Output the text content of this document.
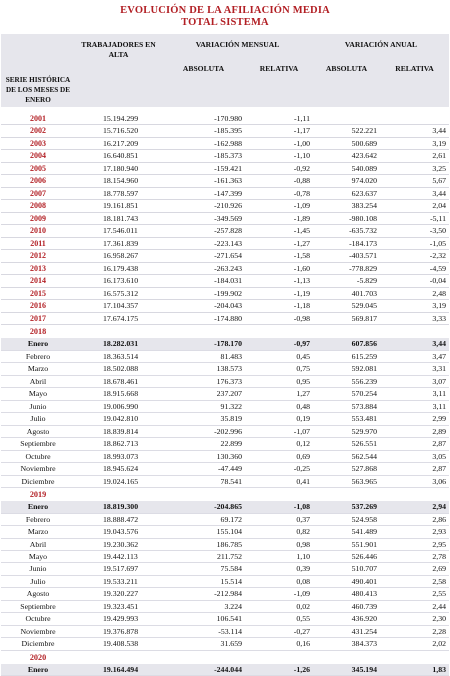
EVOLUCIÓN DE LA AFILIACIÓN MEDIA
TOTAL SISTEMA
	TRABAJADORES EN ALTA	VARIACIÓN MENSUAL		VARIACIÓN ANUAL	
		ABSOLUTA	RELATIVA	ABSOLUTA	RELATIVA
SERIE HISTÓRICA DE LOS MESES DE ENERO					

2001	15.194.299	-170.980	-1,11		
2002	15.716.520	-185.395	-1,17	522.221	3,44
2003	16.217.209	-162.988	-1,00	500.689	3,19
2004	16.640.851	-185.373	-1,10	423.642	2,61
2005	17.180.940	-159.421	-0,92	540.089	3,25
2006	18.154.960	-161.363	-0,88	974.020	5,67
2007	18.778.597	-147.399	-0,78	623.637	3,44
2008	19.161.851	-210.926	-1,09	383.254	2,04
2009	18.181.743	-349.569	-1,89	-980.108	-5,11
2010	17.546.011	-257.828	-1,45	-635.732	-3,50
2011	17.361.839	-223.143	-1,27	-184.173	-1,05
2012	16.958.267	-271.654	-1,58	-403.571	-2,32
2013	16.179.438	-263.243	-1,60	-778.829	-4,59
2014	16.173.610	-184.031	-1,13	-5.829	-0,04
2015	16.575.312	-199.902	-1,19	401.703	2,48
2016	17.104.357	-204.043	-1,18	529.045	3,19
2017	17.674.175	-174.880	-0,98	569.817	3,33
2018					
Enero	18.282.031	-178.170	-0,97	607.856	3,44
Febrero	18.363.514	81.483	0,45	615.259	3,47
Marzo	18.502.088	138.573	0,75	592.081	3,31
Abril	18.678.461	176.373	0,95	556.239	3,07
Mayo	18.915.668	237.207	1,27	570.254	3,11
Junio	19.006.990	91.322	0,48	573.884	3,11
Julio	19.042.810	35.819	0,19	553.481	2,99
Agosto	18.839.814	-202.996	-1,07	529.970	2,89
Septiembre	18.862.713	22.899	0,12	526.551	2,87
Octubre	18.993.073	130.360	0,69	562.544	3,05
Noviembre	18.945.624	-47.449	-0,25	527.868	2,87
Diciembre	19.024.165	78.541	0,41	563.965	3,06
2019					
Enero	18.819.300	-204.865	-1,08	537.269	2,94
Febrero	18.888.472	69.172	0,37	524.958	2,86
Marzo	19.043.576	155.104	0,82	541.489	2,93
Abril	19.230.362	186.785	0,98	551.901	2,95
Mayo	19.442.113	211.752	1,10	526.446	2,78
Junio	19.517.697	75.584	0,39	510.707	2,69
Julio	19.533.211	15.514	0,08	490.401	2,58
Agosto	19.320.227	-212.984	-1,09	480.413	2,55
Septiembre	19.323.451	3.224	0,02	460.739	2,44
Octubre	19.429.993	106.541	0,55	436.920	2,30
Noviembre	19.376.878	-53.114	-0,27	431.254	2,28
Diciembre	19.408.538	31.659	0,16	384.373	2,02
2020					
Enero	19.164.494	-244.044	-1,26	345.194	1,83
